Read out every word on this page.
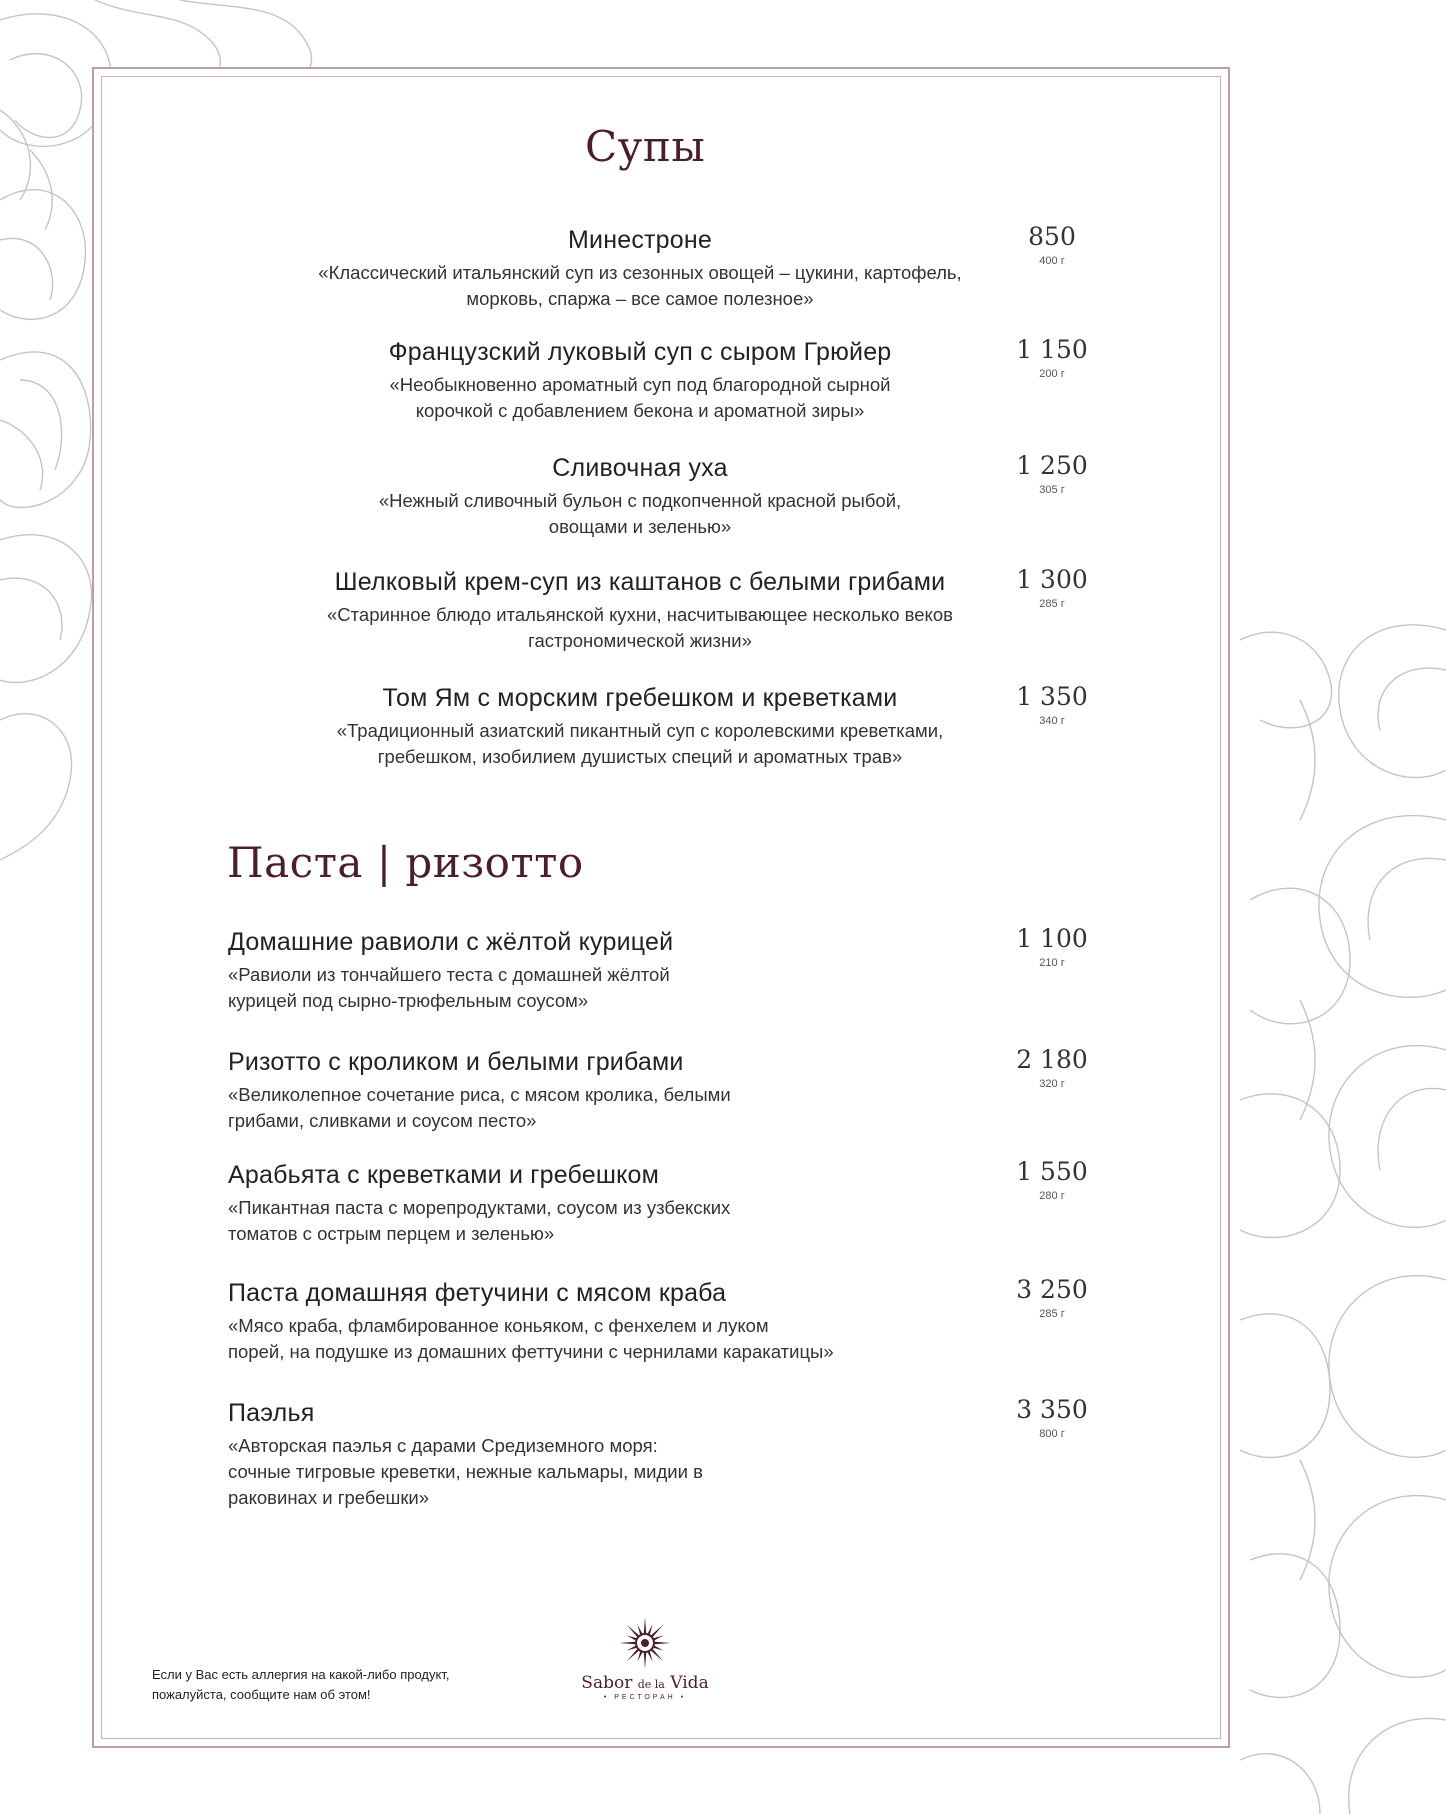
Супы
Минестроне
«Классический итальянский суп из сезонных овощей – цукини, картофель,
морковь, спаржа – все самое полезное»
850
400 г
Французский луковый суп с сыром Грюйер
«Необыкновенно ароматный суп под благородной сырной
корочкой с добавлением бекона и ароматной зиры»
1 150
200 г
Сливочная уха
«Нежный сливочный бульон с подкопченной красной рыбой,
овощами и зеленью»
1 250
305 г
Шелковый крем-суп из каштанов с белыми грибами
«Старинное блюдо итальянской кухни, насчитывающее несколько веков
гастрономической жизни»
1 300
285 г
Том Ям с морским гребешком и креветками
«Традиционный азиатский пикантный суп с королевскими креветками,
гребешком, изобилием душистых специй и ароматных трав»
1 350
340 г
Паста | ризотто
Домашние равиоли с жёлтой курицей
«Равиоли из тончайшего теста с домашней жёлтой
курицей под сырно-трюфельным соусом»
1 100
210 г
Ризотто с кроликом и белыми грибами
«Великолепное сочетание риса, с мясом кролика, белыми
грибами, сливками и соусом песто»
2 180
320 г
Арабьята с креветками и гребешком
«Пикантная паста с морепродуктами, соусом из узбекских
томатов с острым перцем и зеленью»
1 550
280 г
Паста домашняя фетучини с мясом краба
«Мясо краба, фламбированное коньяком, с фенхелем и луком
порей, на подушке из домашних феттучини с чернилами каракатицы»
3 250
285 г
Паэлья
«Авторская паэлья с дарами Средиземного моря:
сочные тигровые креветки, нежные кальмары, мидии в
раковинах и гребешки»
3 350
800 г
Если у Вас есть аллергия на какой-либо продукт,
пожалуйста, сообщите нам об этом!
Sabor de la Vida
• РЕСТОРАН •
